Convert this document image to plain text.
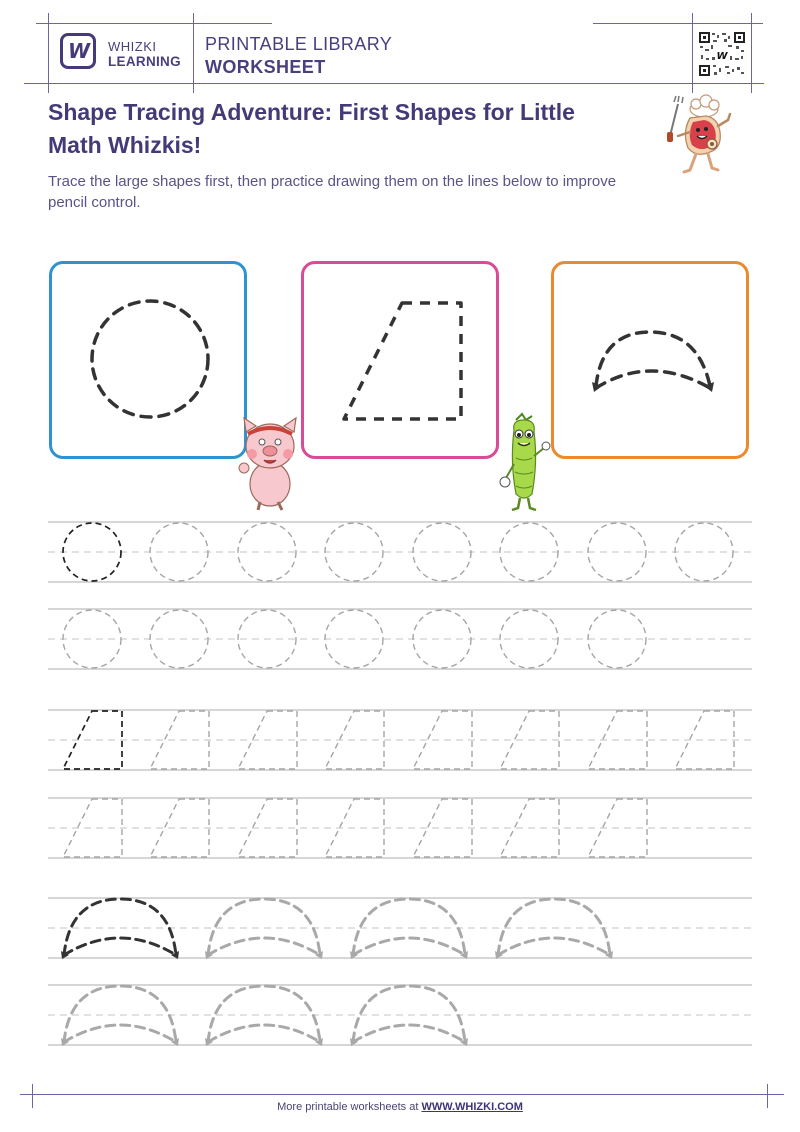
W WHIZKI
LEARNING
PRINTABLE LIBRARY
WORKSHEET
W
Shape Tracing Adventure: First Shapes for Little Math Whizkis!
Trace the large shapes first, then practice drawing them on the lines below to improve pencil control.
More printable worksheets at WWW.WHIZKI.COM
